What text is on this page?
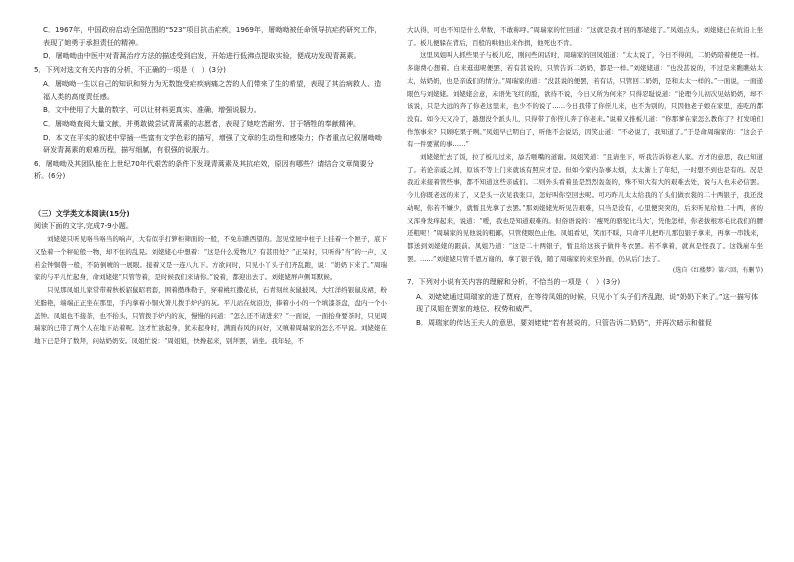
C．1967年，中国政府启动全国范围的“523”项目抗击疟疾，1969年，屠呦呦被任命领导抗疟药研究工作，表现了她勇于承担责任的精神。

D．屠呦呦由中医中对青蒿治疗方法的描述受到启发，开始进行低沸点提取实验，便成功发现青蒿素。

5．下列对选文有关内容的分析，不正确的一项是（　）(3分)

A．屠呦呦一生以自己的知识和努力为无数饱受疟疾病痛之苦的人们带来了生的希望，表现了其治病救人、造福人类的高度责任感。

B．文中使用了大量的数字，可以让材料更真实、准确，增强说服力。

C．屠呦呦查阅大量文献，并勇敢做尝试青蒿素的志愿者，表现了她吃苦耐劳、甘于牺牲的奉献精神。

D．本文在平实的叙述中穿插一些富有文学色彩的描写，增强了文章的生动性和感染力；作者重点记叙屠呦呦研发青蒿素的艰难历程，描写细腻，有很强的说服力。

6．屠呦呦及其团队能在上世纪70年代艰苦的条件下发现青蒿素及其抗疟效，原因有哪些？请结合文章简要分析。(6分)

（三）文学类文本阅读(15分)

阅读下面的文字,完成7-9小题。

刘姥姥只听见咯当咯当的响声，大有似乎打箩柜筛面的一般，不免东瞧西望的。忽见堂屋中柱子上挂着一个匣子，底下又坠着一个秤砣般一物，却不住的乱晃。刘姥姥心中想着：“这是什么爱物儿？有甚用处？”正呆时，只听得“当”的一声，又若金钟铜磬一般，不防倒唬的一展眼。接着又是一连八九下。方欲问时，只见小丫头子们齐乱跑，说：“奶奶下来了。”周瑞家的与平儿忙起身，命刘姥姥“只管等着，是时候我们来请你。”说着，都迎出去了。刘姥姥屏声侧耳默候。

只见那凤姐儿家常带着秋板貂鼠昭君套，围着攒珠勒子，穿着桃红撒花袄，石青刻丝灰鼠披风，大红洋绉银鼠皮裙，粉光脂艳，端端正正坐在那里，手内拿着小铜火箸儿拨手炉内的灰。平儿站在炕沿边，捧着小小的一个填漆茶盘，盘内一个小盖钟。凤姐也不接茶，也不抬头，只管拨手炉内的灰，慢慢的问道：“怎么还不请进来？”一面说，一面抬身要茶时，只见周瑞家的已带了两个人在地下站着呢。这才忙欲起身，犹未起身时，满面春风的问好，又嗔着周瑞家的怎么不早说。刘姥姥在地下已是拜了数拜，问姑奶奶安。凤姐忙说：“周姐姐，快搀起来，别拜罢，请坐。我年轻，不

大认得，可也不知是什么辈数，不敢称呼。”周瑞家的忙回道：“这就是我才回的那姥姥了。”凤姐点头。刘姥姥已在炕沿上坐了。板儿便躲在背后，百般的哄他出来作揖，他死也不肯。

这里凤姐叫人抓些果子与板儿吃，刚问些闲话时，周瑞家的回凤姐道：“太太说了，今日不得闲，二奶奶陪着便是一样。多谢费心想着。白来逛逛呢便罢，若有甚说的，只管告诉二奶奶，都是一样。”刘姥姥道：“也没甚说的，不过是来瞧瞧姑太太，姑奶奶，也是亲戚们的情分。”周瑞家的道：“没甚说的便罢，若有话，只管回二奶奶，是和太太一样的。”一面说，一面递眼色与刘姥姥。刘姥姥会意，未语先飞红的脸，欲待不说，今日又所为何来？只得忍耻说道：“论理今儿初次见姑奶奶，却不该说，只是大远的奔了你老这里来，也少不的说了……今日我带了你侄儿来，也不为别的，只因他老子娘在家里，连吃的都没有。如今天又冷了，越想没个派头儿，只得带了你侄儿奔了你老来。”说着又推板儿道：“你那爹在家怎么教你了？打发咱们作煞事来？只顾吃果子咧。”凤姐早已明白了，听他不会说话，因笑止道：“不必说了，我知道了。”于是命周瑞家的：“这会子有一件要紧的事……”

刘姥姥忙去了饭，拉了板儿过来，舔舌咂嘴的道谢。凤姐笑道：“且请坐下，听我告诉你老人家。方才的意思，我已知道了。若论亲戚之间，原该不等上门来就该有照应才是。但如今家内杂事太烦，太太渐上了年纪，一时想不到也是有的。况是我近来接着管些事，都不知道这些亲戚们。二则外头看着虽是烈烈轰轰的，殊不知大有大的艰难去处，说与人也未必信罢。今儿你既老远的来了，又是头一次见我张口，怎好叫你空回去呢。可巧昨儿太太给我的丫头们做衣裳的二十两银子，我还没动呢，你若不嫌少，就暂且先拿了去罢。”那刘姥姥先听见告艰难，只当是没有，心里便突突的，后来听见给他二十两，喜的又浑身发痒起来，说道：“嗳，我也是知道艰难的。但俗语说的：‘瘦死的骆驼比马大’，凭他怎样，你老拔根寒毛比我们的腰还粗呢！”周瑞家的见他说的粗鄙，只管使眼色止他。凤姐看见，笑而不睬，只命平儿把昨儿那包银子拿来，再拿一串钱来，都送到刘姥姥的跟前。凤姐乃道：“这是二十两银子，暂且给这孩子做件冬衣罢。若不拿着，就真是怪我了。这钱雇车坐罢。……”刘姥姥只管千恩万谢的，拿了银子钱，随了周瑞家的来至外面，仍从后门去了。

(选自《红楼梦》第六回，有删节)

7．下列对小说有关内容的理解和分析，不恰当的一项是（　）(3分)

A．刘姥姥通过周瑞家的进了贾府，在等待凤姐的时候，只见小丫头子们齐乱跑，说“奶奶下来了。”这一描写体现了凤姐在贾家的地位、权势和威严。

B．周瑞家的传达王夫人的意思，要刘姥姥“若有甚说的，只管告诉二奶奶”，并再次暗示和催促
